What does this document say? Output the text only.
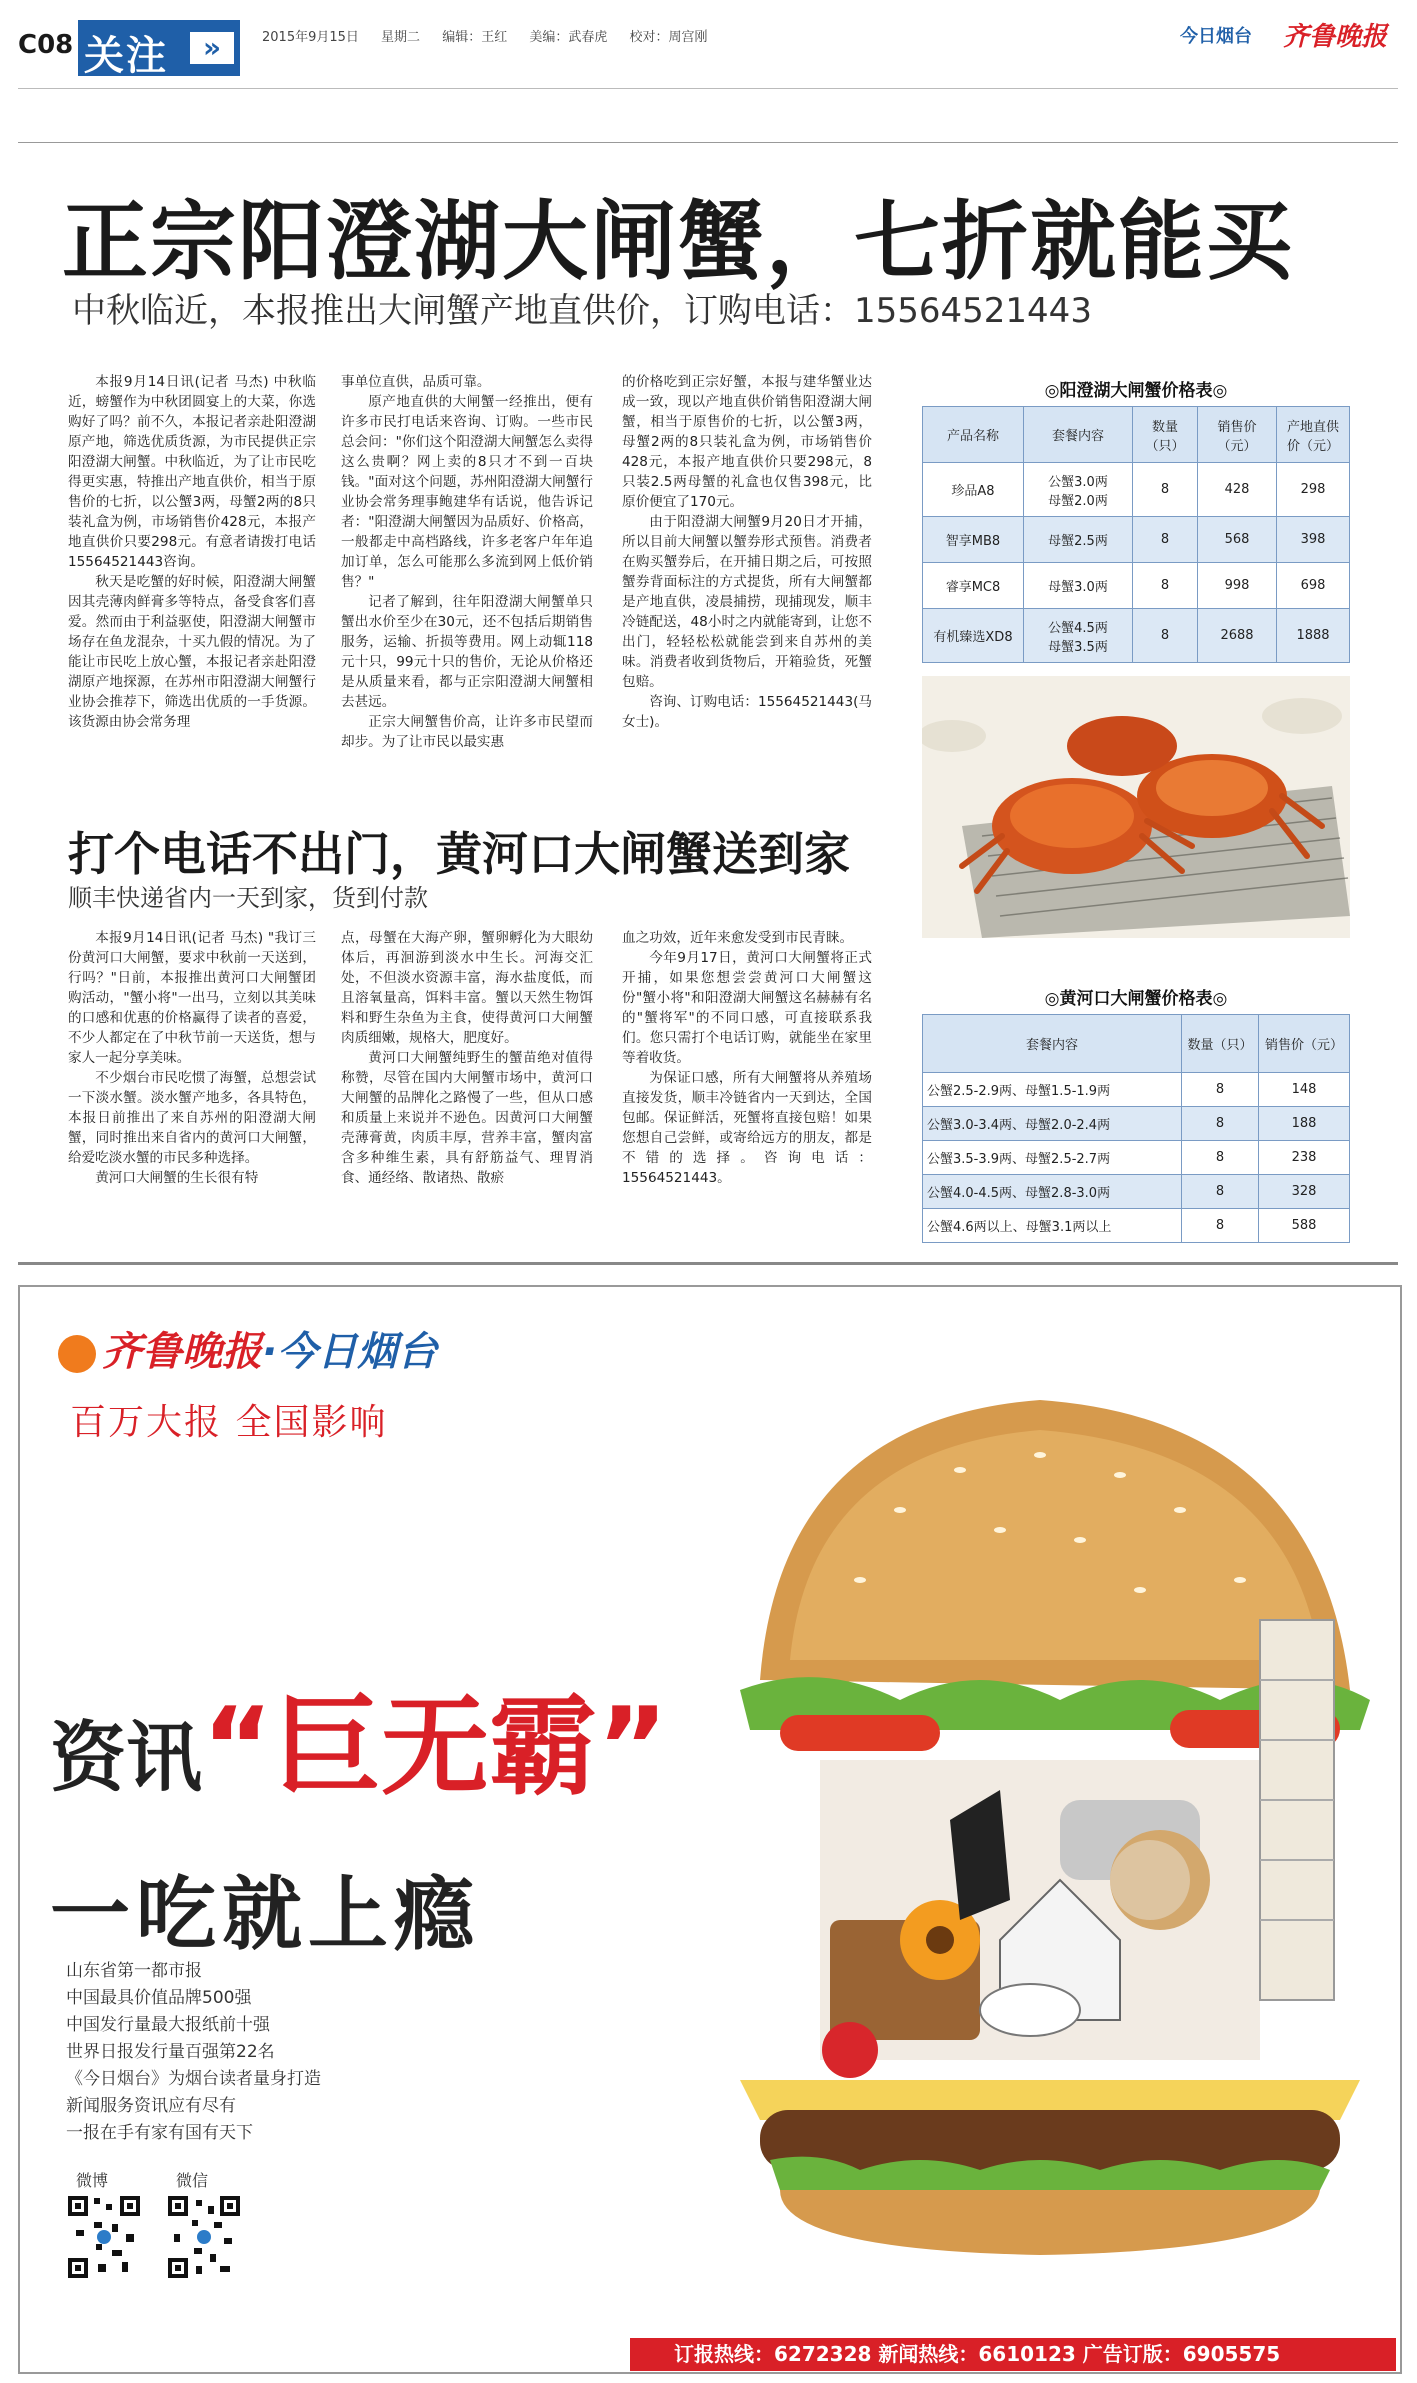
C08 关注	»	2015年9月15日 星期二 编辑：王红 美编：武春虎 校对：周宫刚	今日烟台 齐鲁晚报
正宗阳澄湖大闸蟹，七折就能买
中秋临近，本报推出大闸蟹产地直供价，订购电话：15564521443

本报9月14日讯(记者 马杰) 中秋临近，螃蟹作为中秋团圆宴上的大菜，你选购好了吗？前不久，本报记者亲赴阳澄湖原产地，筛选优质货源，为市民提供正宗阳澄湖大闸蟹。中秋临近，为了让市民吃得更实惠，特推出产地直供价，相当于原售价的七折，以公蟹3两，母蟹2两的8只装礼盒为例，市场销售价428元，本报产地直供价只要298元。有意者请拨打电话15564521443咨询。

秋天是吃蟹的好时候，阳澄湖大闸蟹因其壳薄肉鲜膏多等特点，备受食客们喜爱。然而由于利益驱使，阳澄湖大闸蟹市场存在鱼龙混杂，十买九假的情况。为了能让市民吃上放心蟹，本报记者亲赴阳澄湖原产地探源，在苏州市阳澄湖大闸蟹行业协会推荐下，筛选出优质的一手货源。该货源由协会常务理

事单位直供，品质可靠。

原产地直供的大闸蟹一经推出，便有许多市民打电话来咨询、订购。一些市民总会问："你们这个阳澄湖大闸蟹怎么卖得这么贵啊？网上卖的8只才不到一百块钱。"面对这个问题，苏州阳澄湖大闸蟹行业协会常务理事鲍建华有话说，他告诉记者："阳澄湖大闸蟹因为品质好、价格高，一般都走中高档路线，许多老客户年年追加订单，怎么可能那么多流到网上低价销售？"

记者了解到，往年阳澄湖大闸蟹单只蟹出水价至少在30元，还不包括后期销售服务，运输、折损等费用。网上动辄118元十只，99元十只的售价，无论从价格还是从质量来看，都与正宗阳澄湖大闸蟹相去甚远。

正宗大闸蟹售价高，让许多市民望而却步。为了让市民以最实惠

的价格吃到正宗好蟹，本报与建华蟹业达成一致，现以产地直供价销售阳澄湖大闸蟹，相当于原售价的七折，以公蟹3两，母蟹2两的8只装礼盒为例，市场销售价428元，本报产地直供价只要298元，8只装2.5两母蟹的礼盒也仅售398元，比原价便宜了170元。

由于阳澄湖大闸蟹9月20日才开捕，所以目前大闸蟹以蟹券形式预售。消费者在购买蟹券后，在开捕日期之后，可按照蟹券背面标注的方式提货，所有大闸蟹都是产地直供，凌晨捕捞，现捕现发，顺丰冷链配送，48小时之内就能寄到，让您不出门，轻轻松松就能尝到来自苏州的美味。消费者收到货物后，开箱验货，死蟹包赔。

咨询、订购电话：15564521443(马女士)。

◎阳澄湖大闸蟹价格表◎
产品名称	套餐内容	数量（只）	销售价（元）	产地直供价（元）
珍品A8	公蟹3.0两
母蟹2.0两	8	428	298
智享MB8	母蟹2.5两	8	568	398
睿享MC8	母蟹3.0两	8	998	698
有机臻选XD8	公蟹4.5两
母蟹3.5两	8	2688	1888
打个电话不出门，黄河口大闸蟹送到家
顺丰快递省内一天到家，货到付款

本报9月14日讯(记者 马杰) "我订三份黄河口大闸蟹，要求中秋前一天送到，行吗？"日前，本报推出黄河口大闸蟹团购活动，"蟹小将"一出马，立刻以其美味的口感和优惠的价格赢得了读者的喜爱，不少人都定在了中秋节前一天送货，想与家人一起分享美味。

不少烟台市民吃惯了海蟹，总想尝试一下淡水蟹。淡水蟹产地多，各具特色，本报日前推出了来自苏州的阳澄湖大闸蟹，同时推出来自省内的黄河口大闸蟹，给爱吃淡水蟹的市民多种选择。

黄河口大闸蟹的生长很有特

点，母蟹在大海产卵，蟹卵孵化为大眼幼体后，再洄游到淡水中生长。河海交汇处，不但淡水资源丰富，海水盐度低，而且溶氧量高，饵料丰富。蟹以天然生物饵料和野生杂鱼为主食，使得黄河口大闸蟹肉质细嫩，规格大，肥度好。

黄河口大闸蟹纯野生的蟹苗绝对值得称赞，尽管在国内大闸蟹市场中，黄河口大闸蟹的品牌化之路慢了一些，但从口感和质量上来说并不逊色。因黄河口大闸蟹壳薄膏黄，肉质丰厚，营养丰富，蟹肉富含多种维生素，具有舒筋益气、理胃消食、通经络、散诸热、散瘀

血之功效，近年来愈发受到市民青睐。

今年9月17日，黄河口大闸蟹将正式开捕，如果您想尝尝黄河口大闸蟹这份"蟹小将"和阳澄湖大闸蟹这名赫赫有名的"蟹将军"的不同口感，可直接联系我们。您只需打个电话订购，就能坐在家里等着收货。

为保证口感，所有大闸蟹将从养殖场直接发货，顺丰冷链省内一天到达，全国包邮。保证鲜活，死蟹将直接包赔！如果您想自己尝鲜，或寄给远方的朋友，都是不错的选择。咨询电话：15564521443。

◎黄河口大闸蟹价格表◎
套餐内容	数量（只）	销售价（元）
公蟹2.5-2.9两、母蟹1.5-1.9两	8	148
公蟹3.0-3.4两、母蟹2.0-2.4两	8	188
公蟹3.5-3.9两、母蟹2.5-2.7两	8	238
公蟹4.0-4.5两、母蟹2.8-3.0两	8	328
公蟹4.6两以上、母蟹3.1两以上	8	588
齐鲁晚报·今日烟台
百万大报 全国影响
资讯“巨无霸”
一吃就上瘾
山东省第一都市报
中国最具价值品牌500强
中国发行量最大报纸前十强
世界日报发行量百强第22名
《今日烟台》为烟台读者量身打造
新闻服务资讯应有尽有
一报在手有家有国有天下
微博	微信
订报热线：6272328 新闻热线：6610123 广告订版：6905575
